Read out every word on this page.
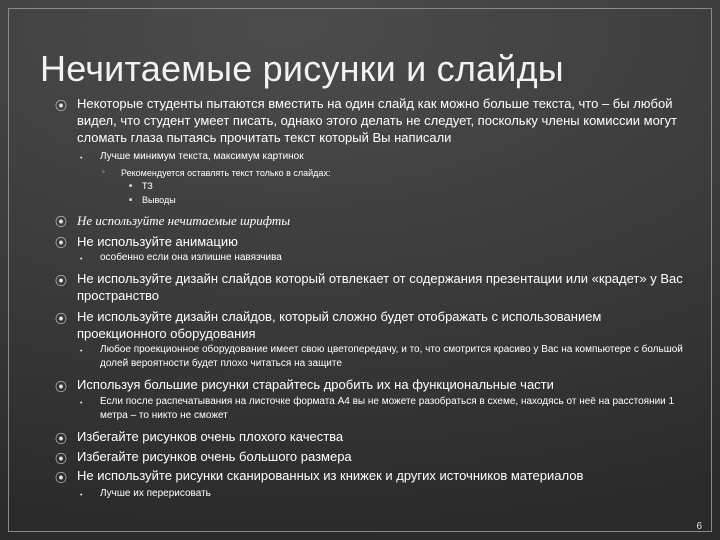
Нечитаемые рисунки и слайды
⦿ Некоторые студенты пытаются вместить на один слайд как можно больше текста, что – бы любой видел, что студент умеет писать, однако этого делать не следует, поскольку члены комиссии могут сломать глаза пытаясь прочитать текст который Вы написали
• Лучше минимум текста, максимум картинок
◦ Рекомендуется оставлять текст только в слайдах:
■ ТЗ
■ Выводы
⦿ Не используйте нечитаемые шрифты
⦿ Не используйте анимацию
• особенно если она излишне навязчива
⦿ Не используйте дизайн слайдов который отвлекает от содержания презентации или «крадет» у Вас пространство
⦿ Не используйте дизайн слайдов, который сложно будет отображать с использованием проекционного оборудования
• Любое проекционное оборудование имеет свою цветопередачу, и то, что смотрится красиво у Вас на компьютере с большой долей вероятности будет плохо читаться на защите
⦿ Используя большие рисунки старайтесь дробить их на функциональные части
• Если после распечатывания на листочке формата А4 вы не можете разобраться в схеме, находясь от неё на расстоянии 1 метра – то никто не сможет
⦿ Избегайте рисунков очень плохого качества
⦿ Избегайте рисунков очень большого размера
⦿ Не используйте рисунки сканированных из книжек и других источников материалов
• Лучше их перерисовать
6
